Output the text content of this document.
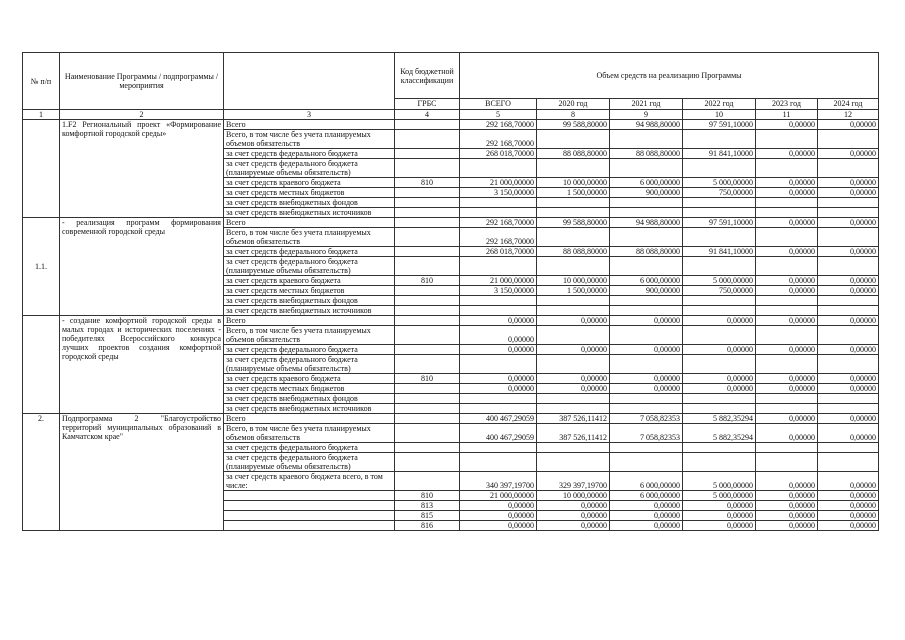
№ п/п	Наименование Программы / подпрограммы / мероприятия		Код бюджетной классификации	Объем средств на реализацию Программы					
			ГРБС	ВСЕГО	2020 год	2021 год	2022 год	2023 год	2024 год
1	2	3	4	5	8	9	10	11	12
	1.F2 Региональный проект «Формирование комфортной городской среды»	Всего		292 168,70000	99 588,80000	94 988,80000	97 591,10000	0,00000	0,00000
		Всего, в том числе без учета планируемых объемов обязательств		292 168,70000					
		за счет средств федерального бюджета		268 018,70000	88 088,80000	88 088,80000	91 841,10000	0,00000	0,00000
		за счет средств федерального бюджета (планируемые объемы обязательств)							
		за счет средств краевого бюджета	810	21 000,00000	10 000,00000	6 000,00000	5 000,00000	0,00000	0,00000
		за счет средств местных бюджетов		3 150,00000	1 500,00000	900,00000	750,00000	0,00000	0,00000
		за счет средств внебюджетных фондов							
		за счет средств внебюджетных источников							
1.1.	- реализация программ формирования современной городской среды	Всего		292 168,70000	99 588,80000	94 988,80000	97 591,10000	0,00000	0,00000
		Всего, в том числе без учета планируемых объемов обязательств		292 168,70000					
		за счет средств федерального бюджета		268 018,70000	88 088,80000	88 088,80000	91 841,10000	0,00000	0,00000
		за счет средств федерального бюджета (планируемые объемы обязательств)							
		за счет средств краевого бюджета	810	21 000,00000	10 000,00000	6 000,00000	5 000,00000	0,00000	0,00000
		за счет средств местных бюджетов		3 150,00000	1 500,00000	900,00000	750,00000	0,00000	0,00000
		за счет средств внебюджетных фондов							
		за счет средств внебюджетных источников							
	- создание комфортной городской среды в малых городах и исторических поселениях - победителях Всероссийского конкурса лучших проектов создания комфортной городской среды	Всего		0,00000	0,00000	0,00000	0,00000	0,00000	0,00000
		Всего, в том числе без учета планируемых объемов обязательств		0,00000					
		за счет средств федерального бюджета		0,00000	0,00000	0,00000	0,00000	0,00000	0,00000
		за счет средств федерального бюджета (планируемые объемы обязательств)							
		за счет средств краевого бюджета	810	0,00000	0,00000	0,00000	0,00000	0,00000	0,00000
		за счет средств местных бюджетов		0,00000	0,00000	0,00000	0,00000	0,00000	0,00000
		за счет средств внебюджетных фондов							
		за счет средств внебюджетных источников							
2.	Подпрограмма 2 "Благоустройство территорий муниципальных образований в Камчатском крае"	Всего		400 467,29059	387 526,11412	7 058,82353	5 882,35294	0,00000	0,00000
		Всего, в том числе без учета планируемых объемов обязательств		400 467,29059	387 526,11412	7 058,82353	5 882,35294	0,00000	0,00000
		за счет средств федерального бюджета							
		за счет средств федерального бюджета (планируемые объемы обязательств)							
		за счет средств краевого бюджета всего, в том числе:		340 397,19700	329 397,19700	6 000,00000	5 000,00000	0,00000	0,00000
			810	21 000,00000	10 000,00000	6 000,00000	5 000,00000	0,00000	0,00000
			813	0,00000	0,00000	0,00000	0,00000	0,00000	0,00000
			815	0,00000	0,00000	0,00000	0,00000	0,00000	0,00000
			816	0,00000	0,00000	0,00000	0,00000	0,00000	0,00000
